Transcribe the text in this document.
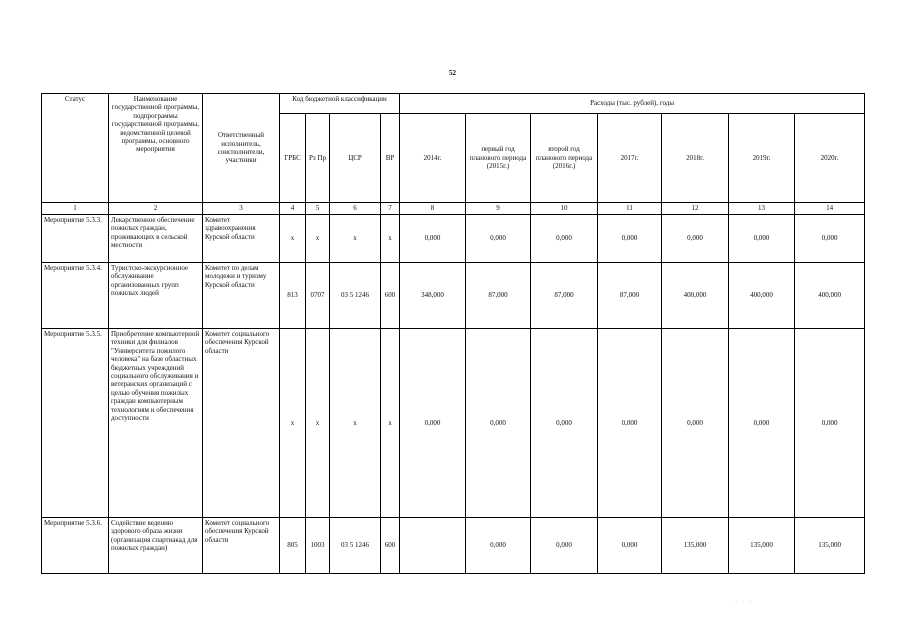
52
Статус	Наименование государственной программы, подпрограммы государственной программы, ведомственной целевой программы, основного мероприятия	Ответственный исполнитель, соисполнители, участники	Код бюджетной классификации				Расходы (тыс. рублей), годы						
			ГРБС	Рз Пр	ЦСР	ВР	2014г.	первый год планового периода (2015г.)	второй год планового периода (2016г.)	2017г.	2018г.	2019г.	2020г.
1	2	3	4	5	6	7	8	9	10	11	12	13	14
Мероприятие 5.3.3.	Лекарственное обеспечение пожилых граждан, проживающих в сельской местности	Комитет здравоохранения Курской области	x	x	x	x	0,000	0,000	0,000	0,000	0,000	0,000	0,000
Мероприятие 5.3.4.	Туристско-экскурсионное обслуживание организованных групп пожилых людей	Комитет по делам молодежи и туризму Курской области	813	0707	03 5 1246	600	348,000	87,000	87,000	87,000	400,000	400,000	400,000
Мероприятие 5.3.5.	Приобретение компьютерной техники для филиалов "Университета пожилого человека" на базе областных бюджетных учреждений социального обслуживания и ветеранских организаций с целью обучения пожилых граждан компьютерным технологиям и обеспечения доступности	Комитет социального обеспечения Курской области	x	x	x	x	0,000	0,000	0,000	0,000	0,000	0,000	0,000
Мероприятие 5.3.6.	Содействие ведению здорового образа жизни (организация спартиакад для пожилых граждан)	Комитет социального обеспечения Курской области	805	1003	03 5 1246	600		0,000	0,000	0,000	135,000	135,000	135,000
· · ·
